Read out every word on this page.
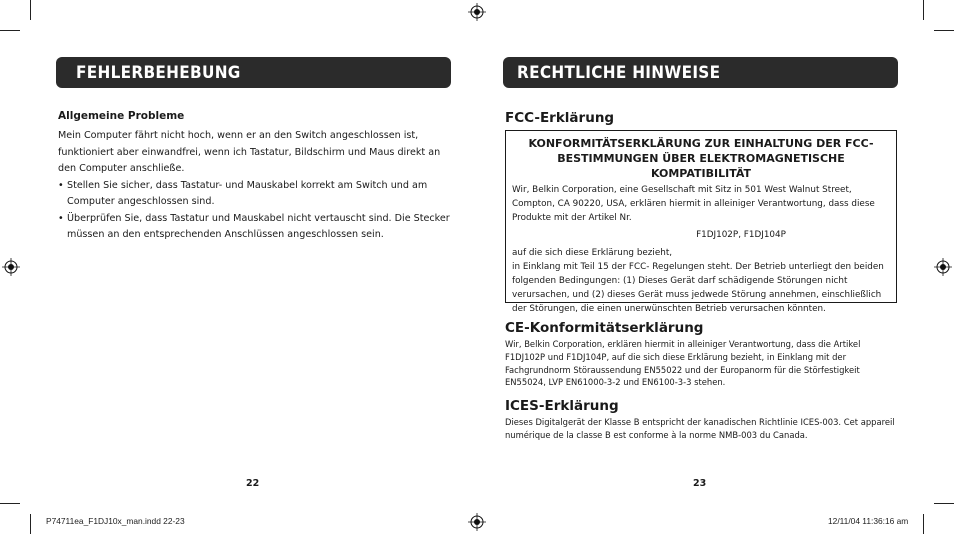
FEHLERBEHEBUNG
Allgemeine Probleme
Mein Computer fährt nicht hoch, wenn er an den Switch angeschlossen ist, funktioniert aber einwandfrei, wenn ich Tastatur, Bildschirm und Maus direkt an den Computer anschließe.
• Stellen Sie sicher, dass Tastatur- und Mauskabel korrekt am Switch und am Computer angeschlossen sind.
• Überprüfen Sie, dass Tastatur und Mauskabel nicht vertauscht sind. Die Stecker müssen an den entsprechenden Anschlüssen angeschlossen sein.
22
RECHTLICHE HINWEISE
FCC-Erklärung
KONFORMITÄTSERKLÄRUNG ZUR EINHALTUNG DER FCC-
BESTIMMUNGEN ÜBER ELEKTROMAGNETISCHE KOMPATIBILITÄT
Wir, Belkin Corporation, eine Gesellschaft mit Sitz in 501 West Walnut Street, Compton, CA 90220, USA, erklären hiermit in alleiniger Verantwortung, dass diese Produkte mit der Artikel Nr.
F1DJ102P, F1DJ104P
auf die sich diese Erklärung bezieht,
in Einklang mit Teil 15 der FCC- Regelungen steht. Der Betrieb unterliegt den beiden folgenden Bedingungen: (1) Dieses Gerät darf schädigende Störungen nicht verursachen, und (2) dieses Gerät muss jedwede Störung annehmen, einschließlich der Störungen, die einen unerwünschten Betrieb verursachen könnten.
CE-Konformitätserklärung
Wir, Belkin Corporation, erklären hiermit in alleiniger Verantwortung, dass die Artikel F1DJ102P und F1DJ104P, auf die sich diese Erklärung bezieht, in Einklang mit der Fachgrundnorm Störaussendung EN55022 und der Europanorm für die Störfestigkeit EN55024, LVP EN61000-3-2 und EN6100-3-3 stehen.
ICES-Erklärung
Dieses Digitalgerät der Klasse B entspricht der kanadischen Richtlinie ICES-003. Cet appareil numérique de la classe B est conforme à la norme NMB-003 du Canada.
23
P74711ea_F1DJ10x_man.indd 22-23	12/11/04 11:36:16 am
